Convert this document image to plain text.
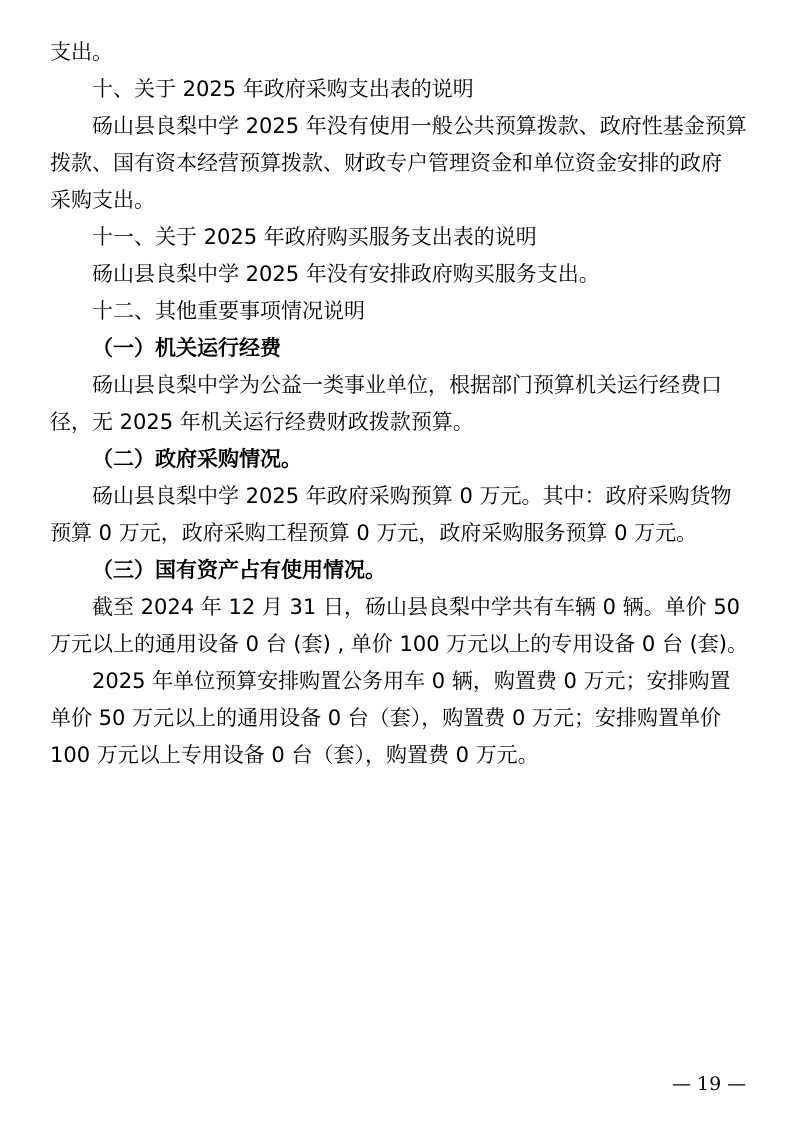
支出。
十、关于 2025 年政府采购支出表的说明
砀山县良梨中学 2025 年没有使用一般公共预算拨款、政府性基金预算
拨款、国有资本经营预算拨款、财政专户管理资金和单位资金安排的政府
采购支出。
十一、关于 2025 年政府购买服务支出表的说明
砀山县良梨中学 2025 年没有安排政府购买服务支出。
十二、其他重要事项情况说明
（一）机关运行经费
砀山县良梨中学为公益一类事业单位，根据部门预算机关运行经费口
径，无 2025 年机关运行经费财政拨款预算。
（二）政府采购情况。
砀山县良梨中学 2025 年政府采购预算 0 万元。其中：政府采购货物
预算 0 万元，政府采购工程预算 0 万元，政府采购服务预算 0 万元。
（三）国有资产占有使用情况。
截至 2024 年 12 月 31 日，砀山县良梨中学共有车辆 0 辆。单价 50
万元以上的通用设备 0 台 (套) , 单价 100 万元以上的专用设备 0 台 (套)。
2025 年单位预算安排购置公务用车 0 辆，购置费 0 万元；安排购置
单价 50 万元以上的通用设备 0 台（套），购置费 0 万元；安排购置单价
100 万元以上专用设备 0 台（套），购置费 0 万元。
— 19 —
